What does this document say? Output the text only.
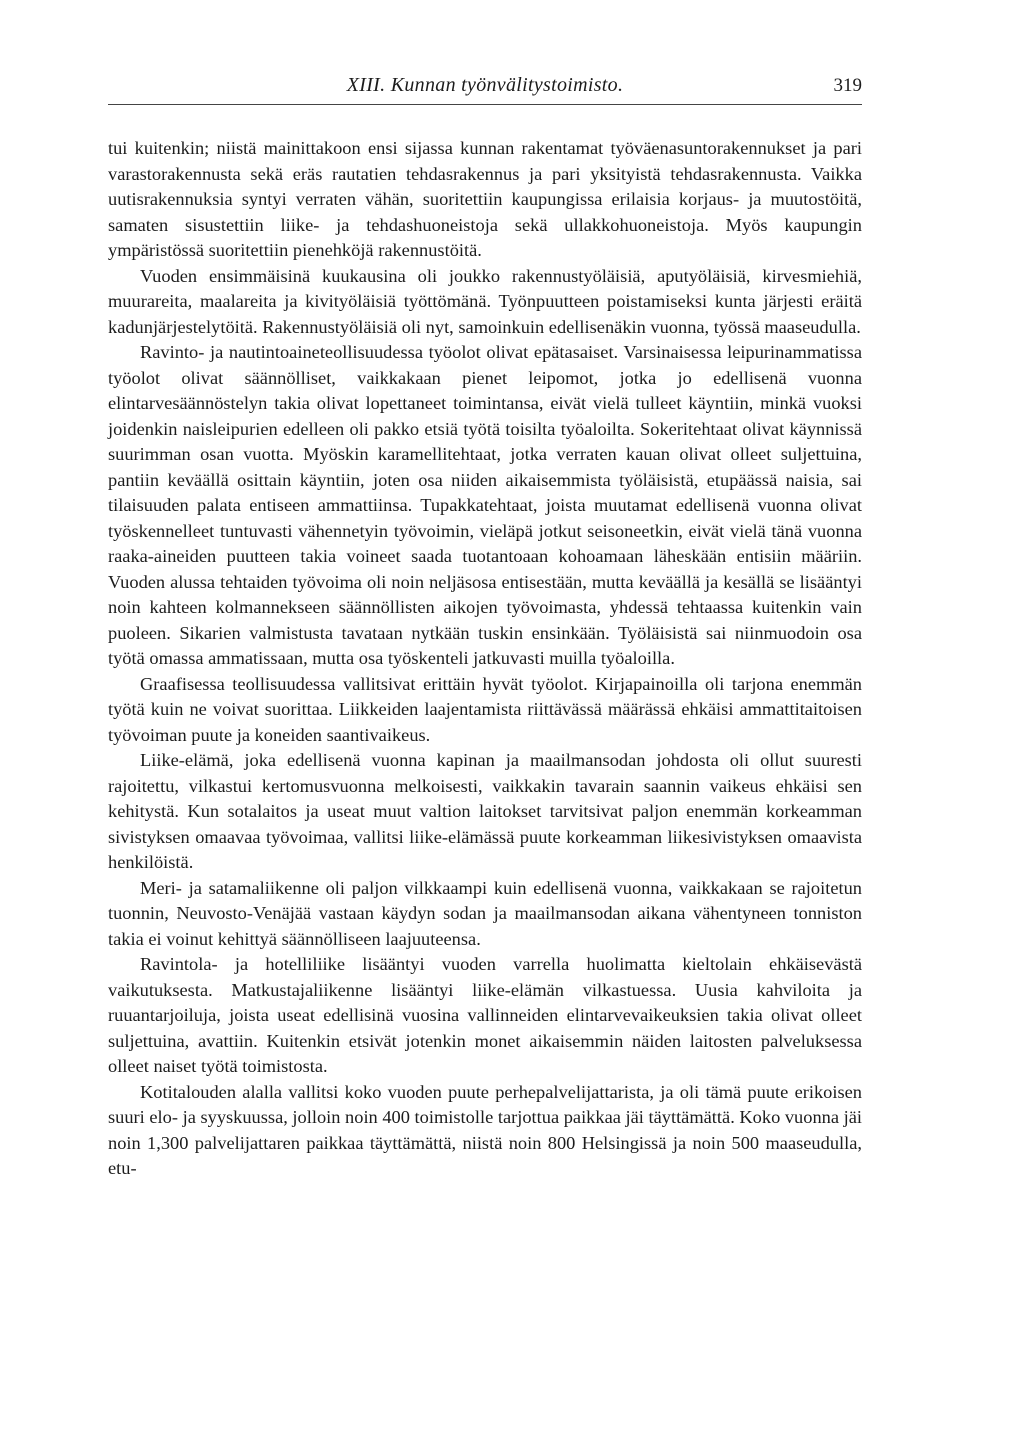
XIII. Kunnan työnvälitystoimisto.	319

tui kuitenkin; niistä mainittakoon ensi sijassa kunnan rakentamat työväenasuntorakennukset ja pari varastorakennusta sekä eräs rautatien tehdasrakennus ja pari yksityistä tehdasrakennusta. Vaikka uutisrakennuksia syntyi verraten vähän, suoritettiin kaupungissa erilaisia korjaus- ja muutostöitä, samaten sisustettiin liike- ja tehdashuoneistoja sekä ullakkohuoneistoja. Myös kaupungin ympäristössä suoritettiin pienehköjä rakennustöitä.

Vuoden ensimmäisinä kuukausina oli joukko rakennustyöläisiä, aputyöläisiä, kirvesmiehiä, muurareita, maalareita ja kivityöläisiä työttömänä. Työnpuutteen poistamiseksi kunta järjesti eräitä kadunjärjestelytöitä. Rakennustyöläisiä oli nyt, samoinkuin edellisenäkin vuonna, työssä maaseudulla.

Ravinto- ja nautintoaineteollisuudessa työolot olivat epätasaiset. Varsinaisessa leipurinammatissa työolot olivat säännölliset, vaikkakaan pienet leipomot, jotka jo edellisenä vuonna elintarvesäännöstelyn takia olivat lopettaneet toimintansa, eivät vielä tulleet käyntiin, minkä vuoksi joidenkin naisleipurien edelleen oli pakko etsiä työtä toisilta työaloilta. Sokeritehtaat olivat käynnissä suurimman osan vuotta. Myöskin karamellitehtaat, jotka verraten kauan olivat olleet suljettuina, pantiin keväällä osittain käyntiin, joten osa niiden aikaisemmista työläisistä, etupäässä naisia, sai tilaisuuden palata entiseen ammattiinsa. Tupakkatehtaat, joista muutamat edellisenä vuonna olivat työskennelleet tuntuvasti vähennetyin työvoimin, vieläpä jotkut seisoneetkin, eivät vielä tänä vuonna raaka-aineiden puutteen takia voineet saada tuotantoaan kohoamaan läheskään entisiin määriin. Vuoden alussa tehtaiden työvoima oli noin neljäsosa entisestään, mutta keväällä ja kesällä se lisääntyi noin kahteen kolmannekseen säännöllisten aikojen työvoimasta, yhdessä tehtaassa kuitenkin vain puoleen. Sikarien valmistusta tavataan nytkään tuskin ensinkään. Työläisistä sai niinmuodoin osa työtä omassa ammatissaan, mutta osa työskenteli jatkuvasti muilla työaloilla.

Graafisessa teollisuudessa vallitsivat erittäin hyvät työolot. Kirjapainoilla oli tarjona enemmän työtä kuin ne voivat suorittaa. Liikkeiden laajentamista riittävässä määrässä ehkäisi ammattitaitoisen työvoiman puute ja koneiden saantivaikeus.

Liike-elämä, joka edellisenä vuonna kapinan ja maailmansodan johdosta oli ollut suuresti rajoitettu, vilkastui kertomusvuonna melkoisesti, vaikkakin tavarain saannin vaikeus ehkäisi sen kehitystä. Kun sotalaitos ja useat muut valtion laitokset tarvitsivat paljon enemmän korkeamman sivistyksen omaavaa työvoimaa, vallitsi liike-elämässä puute korkeamman liikesivistyksen omaavista henkilöistä.

Meri- ja satamaliikenne oli paljon vilkkaampi kuin edellisenä vuonna, vaikkakaan se rajoitetun tuonnin, Neuvosto-Venäjää vastaan käydyn sodan ja maailmansodan aikana vähentyneen tonniston takia ei voinut kehittyä säännölliseen laajuuteensa.

Ravintola- ja hotelliliike lisääntyi vuoden varrella huolimatta kieltolain ehkäisevästä vaikutuksesta. Matkustajaliikenne lisääntyi liike-elämän vilkastuessa. Uusia kahviloita ja ruuantarjoiluja, joista useat edellisinä vuosina vallinneiden elintarvevaikeuksien takia olivat olleet suljettuina, avattiin. Kuitenkin etsivät jotenkin monet aikaisemmin näiden laitosten palveluksessa olleet naiset työtä toimistosta.

Kotitalouden alalla vallitsi koko vuoden puute perhepalvelijattarista, ja oli tämä puute erikoisen suuri elo- ja syyskuussa, jolloin noin 400 toimistolle tarjottua paikkaa jäi täyttämättä. Koko vuonna jäi noin 1,300 palvelijattaren paikkaa täyttämättä, niistä noin 800 Helsingissä ja noin 500 maaseudulla, etu-
